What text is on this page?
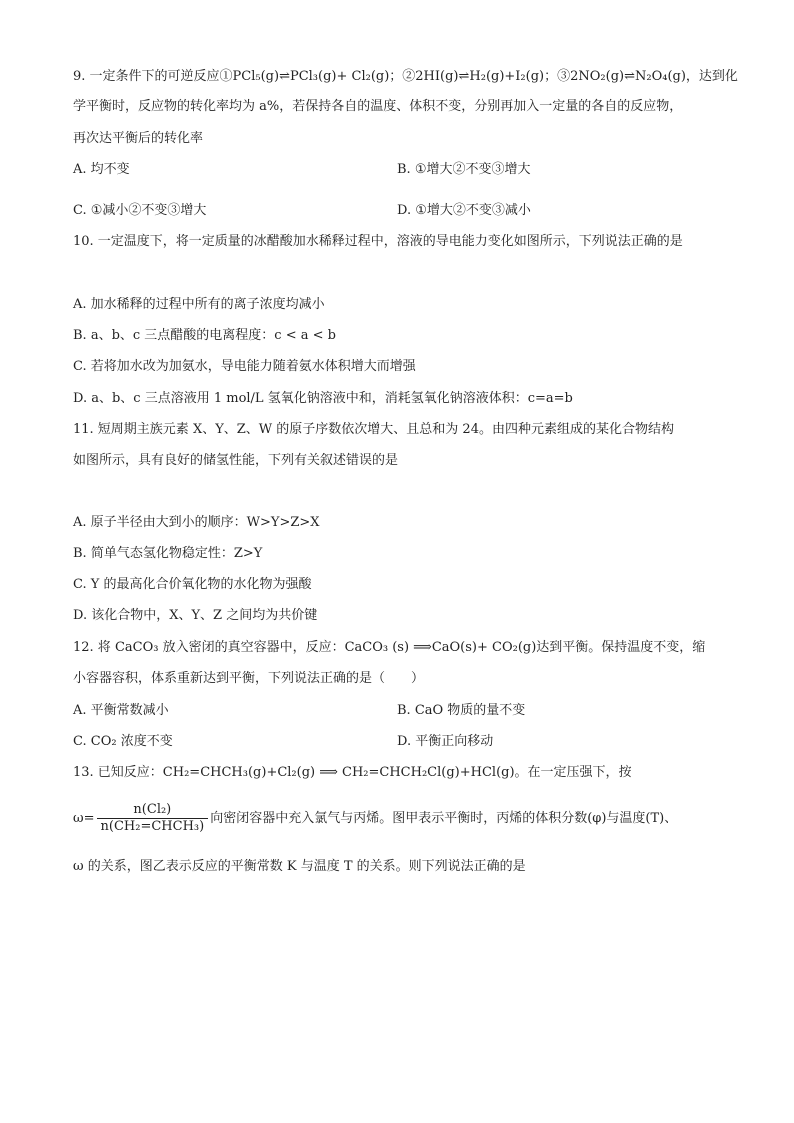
9. 一定条件下的可逆反应①PCl₅(g)⇌PCl₃(g)+ Cl₂(g)；②2HI(g)⇌H₂(g)+I₂(g)；③2NO₂(g)⇌N₂O₄(g)，达到化
学平衡时，反应物的转化率均为 a%，若保持各自的温度、体积不变，分别再加入一定量的各自的反应物，
再次达平衡后的转化率
A. 均不变	B. ①增大②不变③增大
C. ①减小②不变③增大	D. ①增大②不变③减小
10. 一定温度下，将一定质量的冰醋酸加水稀释过程中，溶液的导电能力变化如图所示，下列说法正确的是
A. 加水稀释的过程中所有的离子浓度均减小
B. a、b、c 三点醋酸的电离程度：c < a < b
C. 若将加水改为加氨水，导电能力随着氨水体积增大而增强
D. a、b、c 三点溶液用 1 mol/L 氢氧化钠溶液中和，消耗氢氧化钠溶液体积：c=a=b
11. 短周期主族元素 X、Y、Z、W 的原子序数依次增大、且总和为 24。由四种元素组成的某化合物结构
如图所示，具有良好的储氢性能，下列有关叙述错误的是
A. 原子半径由大到小的顺序：W>Y>Z>X
B. 简单气态氢化物稳定性：Z>Y
C. Y 的最高化合价氧化物的水化物为强酸
D. 该化合物中，X、Y、Z 之间均为共价键
12. 将 CaCO₃ 放入密闭的真空容器中，反应：CaCO₃ (s) ⟹CaO(s)+ CO₂(g)达到平衡。保持温度不变，缩
小容器容积，体系重新达到平衡，下列说法正确的是（　　）
A. 平衡常数减小	B. CaO 物质的量不变
C. CO₂ 浓度不变	D. 平衡正向移动
13. 已知反应：CH₂=CHCH₃(g)+Cl₂(g) ⟹ CH₂=CHCH₂Cl(g)+HCl(g)。在一定压强下，按
$\omega= \frac{\text{n(Cl₂)}}{\text{n(CH₂=CHCH₃)}}$ 向密闭容器中充入氯气与丙烯。图甲表示平衡时，丙烯的体积分数(φ)与温度(T)、
ω 的关系，图乙表示反应的平衡常数 K 与温度 T 的关系。则下列说法正确的是
